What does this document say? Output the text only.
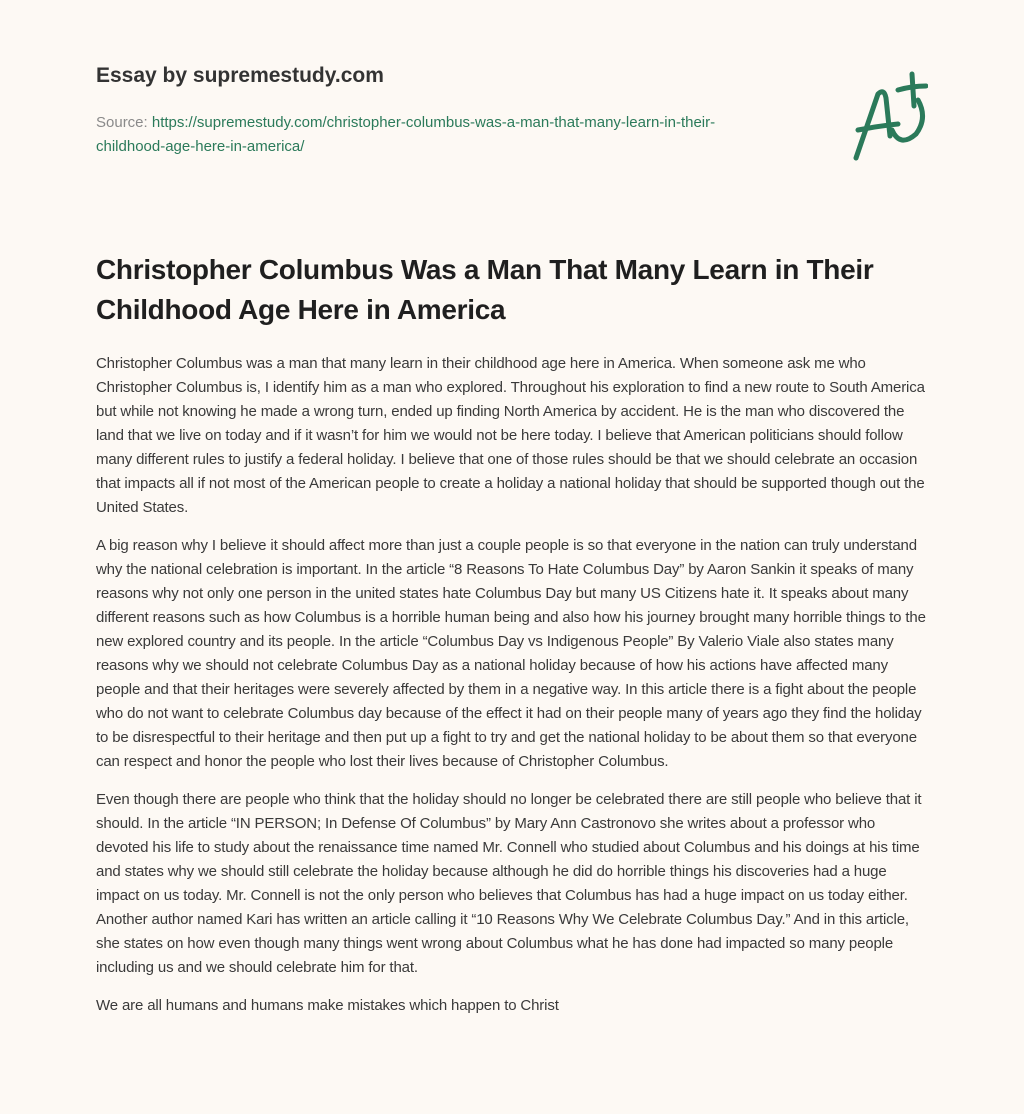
Essay by supremestudy.com
Source: https://supremestudy.com/christopher-columbus-was-a-man-that-many-learn-in-their-childhood-age-here-in-america/
Christopher Columbus Was a Man That Many Learn in Their Childhood Age Here in America

Christopher Columbus was a man that many learn in their childhood age here in America. When someone ask me who Christopher Columbus is, I identify him as a man who explored. Throughout his exploration to find a new route to South America but while not knowing he made a wrong turn, ended up finding North America by accident. He is the man who discovered the land that we live on today and if it wasn’t for him we would not be here today. I believe that American politicians should follow many different rules to justify a federal holiday. I believe that one of those rules should be that we should celebrate an occasion that impacts all if not most of the American people to create a holiday a national holiday that should be supported though out the United States.

A big reason why I believe it should affect more than just a couple people is so that everyone in the nation can truly understand why the national celebration is important. In the article “8 Reasons To Hate Columbus Day” by Aaron Sankin it speaks of many reasons why not only one person in the united states hate Columbus Day but many US Citizens hate it. It speaks about many different reasons such as how Columbus is a horrible human being and also how his journey brought many horrible things to the new explored country and its people. In the article “Columbus Day vs Indigenous People” By Valerio Viale also states many reasons why we should not celebrate Columbus Day as a national holiday because of how his actions have affected many people and that their heritages were severely affected by them in a negative way. In this article there is a fight about the people who do not want to celebrate Columbus day because of the effect it had on their people many of years ago they find the holiday to be disrespectful to their heritage and then put up a fight to try and get the national holiday to be about them so that everyone can respect and honor the people who lost their lives because of Christopher Columbus.

Even though there are people who think that the holiday should no longer be celebrated there are still people who believe that it should. In the article “IN PERSON; In Defense Of Columbus” by Mary Ann Castronovo she writes about a professor who devoted his life to study about the renaissance time named Mr. Connell who studied about Columbus and his doings at his time and states why we should still celebrate the holiday because although he did do horrible things his discoveries had a huge impact on us today. Mr. Connell is not the only person who believes that Columbus has had a huge impact on us today either. Another author named Kari has written an article calling it “10 Reasons Why We Celebrate Columbus Day.” And in this article, she states on how even though many things went wrong about Columbus what he has done had impacted so many people including us and we should celebrate him for that.

We are all humans and humans make mistakes which happen to Christ
